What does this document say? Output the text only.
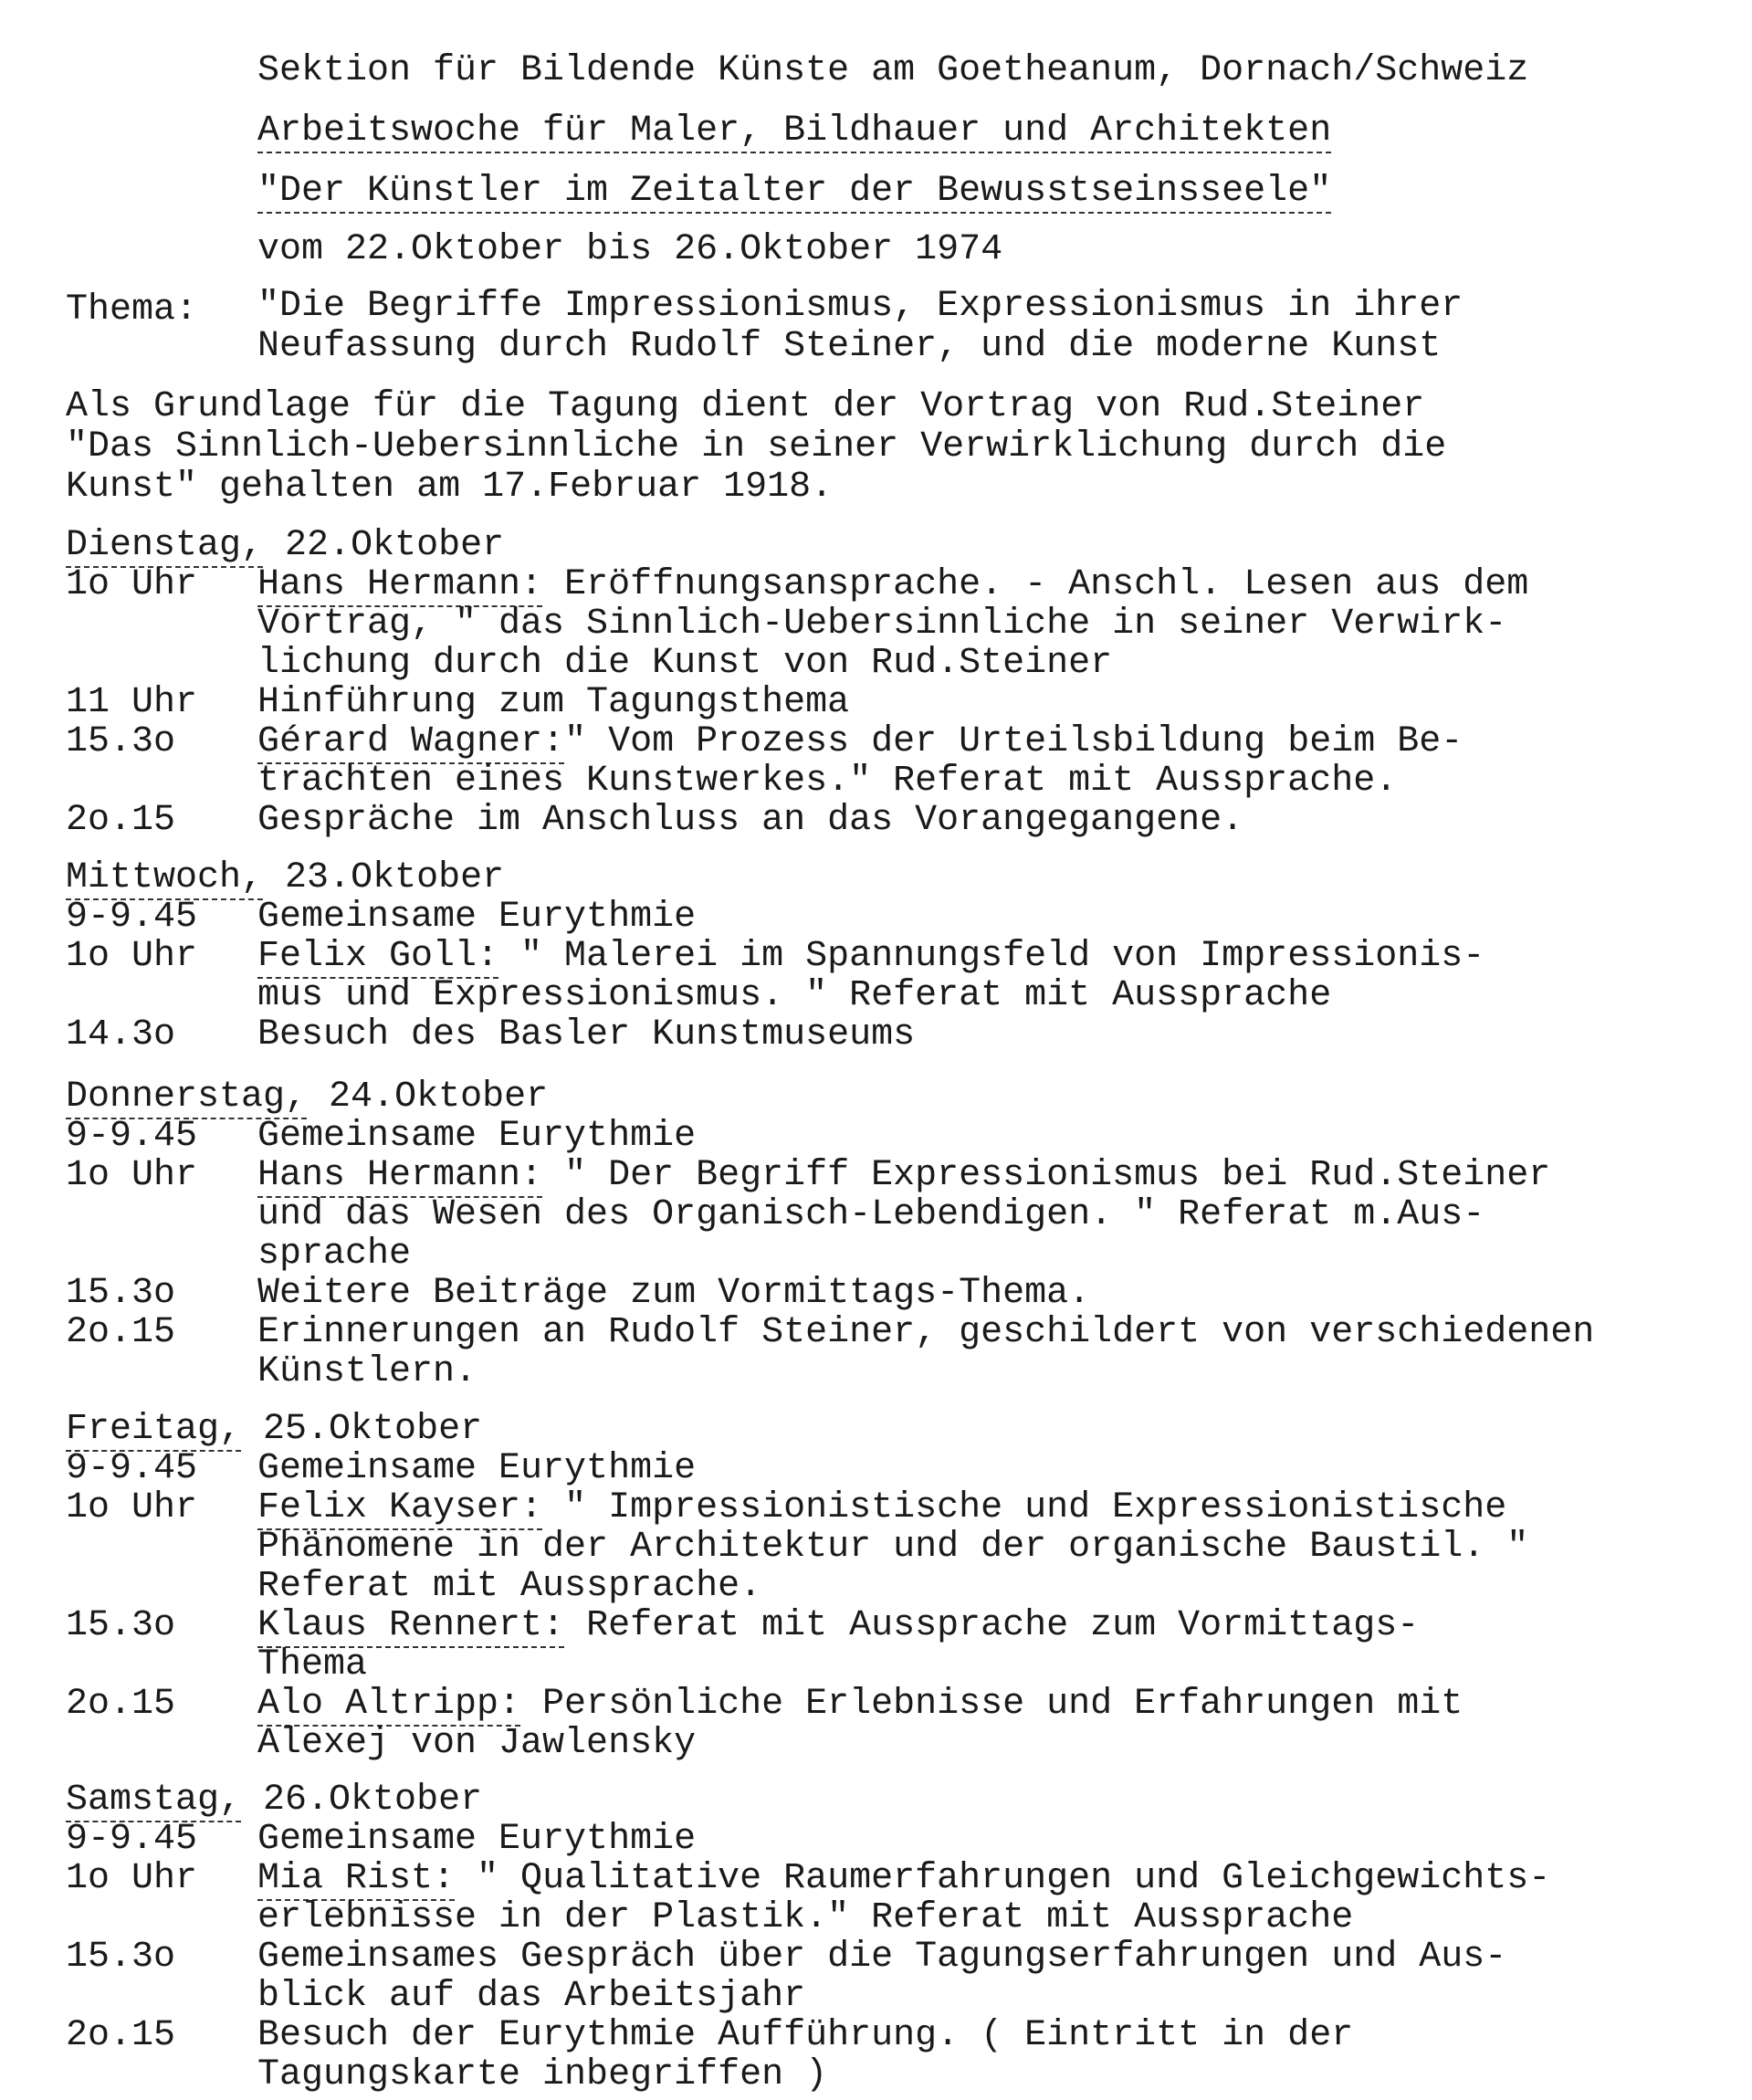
Sektion für Bildende Künste am Goetheanum, Dornach/Schweiz
Arbeitswoche für Maler, Bildhauer und Architekten
"Der Künstler im Zeitalter der Bewusstseinsseele"
vom 22.Oktober bis 26.Oktober 1974
Thema: "Die Begriffe Impressionismus, Expressionismus in ihrer
Neufassung durch Rudolf Steiner, und die moderne Kunst
Als Grundlage für die Tagung dient der Vortrag von Rud.Steiner
"Das Sinnlich-Uebersinnliche in seiner Verwirklichung durch die
Kunst" gehalten am 17.Februar 1918.
Dienstag, 22.Oktober
1o Uhr Hans Hermann: Eröffnungsansprache. - Anschl. Lesen aus dem
Vortrag, " das Sinnlich-Uebersinnliche in seiner Verwirk-
lichung durch die Kunst von Rud.Steiner
11 Uhr Hinführung zum Tagungsthema
15.3o Gérard Wagner:" Vom Prozess der Urteilsbildung beim Be-
trachten eines Kunstwerkes." Referat mit Aussprache.
2o.15 Gespräche im Anschluss an das Vorangegangene.
Mittwoch, 23.Oktober
9-9.45 Gemeinsame Eurythmie
1o Uhr Felix Goll: " Malerei im Spannungsfeld von Impressionis-
mus und Expressionismus. " Referat mit Aussprache
14.3o Besuch des Basler Kunstmuseums
Donnerstag, 24.Oktober
9-9.45 Gemeinsame Eurythmie
1o Uhr Hans Hermann: " Der Begriff Expressionismus bei Rud.Steiner
und das Wesen des Organisch-Lebendigen. " Referat m.Aus-
sprache
15.3o Weitere Beiträge zum Vormittags-Thema.
2o.15 Erinnerungen an Rudolf Steiner, geschildert von verschiedenen
Künstlern.
Freitag, 25.Oktober
9-9.45 Gemeinsame Eurythmie
1o Uhr Felix Kayser: " Impressionistische und Expressionistische
Phänomene in der Architektur und der organische Baustil. "
Referat mit Aussprache.
15.3o Klaus Rennert: Referat mit Aussprache zum Vormittags-
Thema
2o.15 Alo Altripp: Persönliche Erlebnisse und Erfahrungen mit
Alexej von Jawlensky
Samstag, 26.Oktober
9-9.45 Gemeinsame Eurythmie
1o Uhr Mia Rist: " Qualitative Raumerfahrungen und Gleichgewichts-
erlebnisse in der Plastik." Referat mit Aussprache
15.3o Gemeinsames Gespräch über die Tagungserfahrungen und Aus-
blick auf das Arbeitsjahr
2o.15 Besuch der Eurythmie Aufführung. ( Eintritt in der
Tagungskarte inbegriffen )
